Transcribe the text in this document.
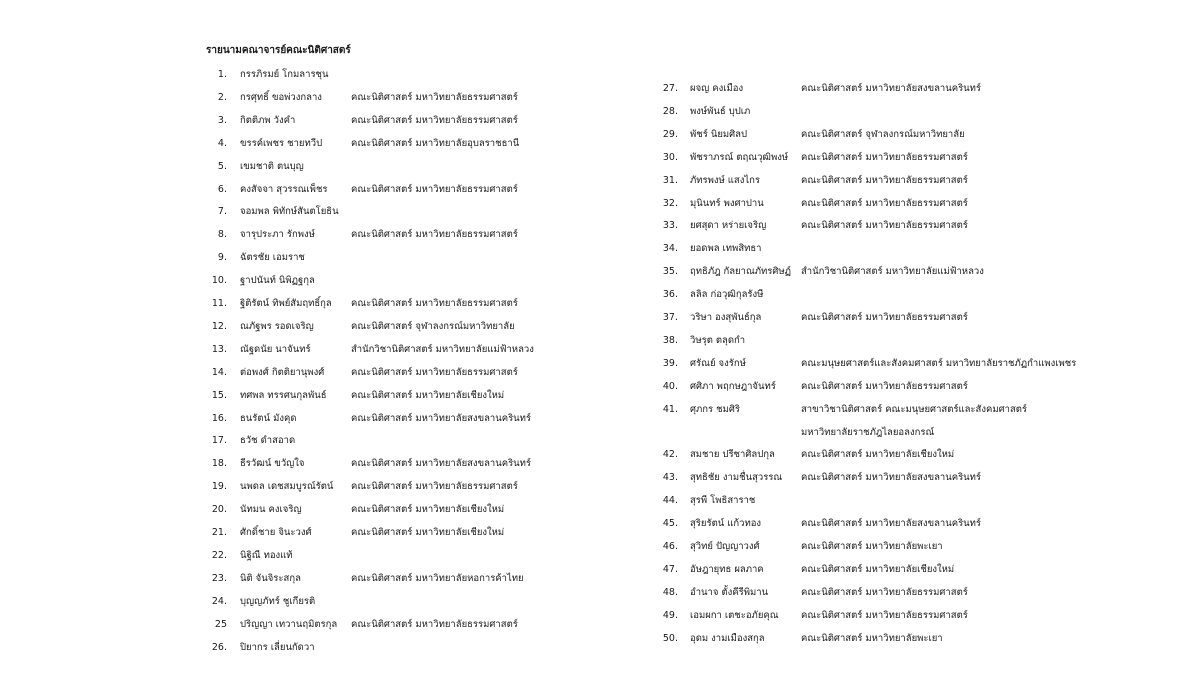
รายนามคณาจารย์คณะนิติศาสตร์
1. กรรภิรมย์ โกมลารชุน
2. กรศุทธิ์ ขอพ่วงกลาง	คณะนิติศาสตร์ มหาวิทยาลัยธรรมศาสตร์
3. กิตติภพ วังคำ	คณะนิติศาสตร์ มหาวิทยาลัยธรรมศาสตร์
4. ขรรค์เพชร ชายทวีป	คณะนิติศาสตร์ มหาวิทยาลัยอุบลราชธานี
5. เขมชาติ ตนบุญ
6. คงสัจจา สุวรรณเพ็ชร คณะนิติศาสตร์ มหาวิทยาลัยธรรมศาสตร์
7. จอมพล พิทักษ์สันตโยธิน
8. จารุประภา รักพงษ์	คณะนิติศาสตร์ มหาวิทยาลัยธรรมศาสตร์
9. ฉัตรชัย เอมราช
10. ฐาปนันท์ นิพิฏฐกุล
11. ฐิติรัตน์ ทิพย์สัมฤทธิ์กุล คณะนิติศาสตร์ มหาวิทยาลัยธรรมศาสตร์
12. ณภัฐพร รอดเจริญ	คณะนิติศาสตร์ จุฬาลงกรณ์มหาวิทยาลัย
13. ณัฐดนัย นาจันทร์	สำนักวิชานิติศาสตร์ มหาวิทยาลัยแม่ฟ้าหลวง
14. ต่อพงศ์ กิตติยานุพงศ์	คณะนิติศาสตร์ มหาวิทยาลัยธรรมศาสตร์
15. ทศพล ทรรศนกุลพันธ์	คณะนิติศาสตร์ มหาวิทยาลัยเชียงใหม่
16. ธนรัตน์ มังคุด	คณะนิติศาสตร์ มหาวิทยาลัยสงขลานครินทร์
17. ธวัช ดำสอาด
18. ธีรวัฒน์ ขวัญใจ	คณะนิติศาสตร์ มหาวิทยาลัยสงขลานครินทร์
19. นพดล เดชสมบูรณ์รัตน์ คณะนิติศาสตร์ มหาวิทยาลัยธรรมศาสตร์
20. นัทมน คงเจริญ	คณะนิติศาสตร์ มหาวิทยาลัยเชียงใหม่
21. ศักดิ์ชาย จินะวงศ์	คณะนิติศาสตร์ มหาวิทยาลัยเชียงใหม่
22. นิฐิณี ทองแท้
23. นิติ จันจิระสกุล	คณะนิติศาสตร์ มหาวิทยาลัยหอการค้าไทย
24. บุญญภัทร์ ชูเกียรติ
25 ปริญญา เทวานฤมิตรกุล คณะนิติศาสตร์ มหาวิทยาลัยธรรมศาสตร์
26. ปิยากร เลี่ยนกัดวา
27. ผจญ คงเมือง	คณะนิติศาสตร์ มหาวิทยาลัยสงขลานครินทร์
28. พงษ์พันธ์ บุปเภ
29. พัชร์ นิยมศิลป	คณะนิติศาสตร์ จุฬาลงกรณ์มหาวิทยาลัย
30. พัชราภรณ์ ตฤณวุฒิพงษ์ คณะนิติศาสตร์ มหาวิทยาลัยธรรมศาสตร์
31. ภัทรพงษ์ แสงไกร	คณะนิติศาสตร์ มหาวิทยาลัยธรรมศาสตร์
32. มุนินทร์ พงศาปาน	คณะนิติศาสตร์ มหาวิทยาลัยธรรมศาสตร์
33. ยศสุดา หร่ายเจริญ	คณะนิติศาสตร์ มหาวิทยาลัยธรรมศาสตร์
34. ยอดพล เทพสิทธา
35. ฤทธิภัฎ กัลยาณภัทรศิษฏ์ สำนักวิชานิติศาสตร์ มหาวิทยาลัยแม่ฟ้าหลวง
36. ลลิล ก่อวุฒิกุลรังษี
37. วริษา องสุพันธ์กุล	คณะนิติศาสตร์ มหาวิทยาลัยธรรมศาสตร์
38. วิษรุต ตลุดกำ
39. ศรัณย์ จงรักษ์	คณะมนุษยศาสตร์และสังคมศาสตร์ มหาวิทยาลัยราชภัฏกำแพงเพชร
40. ศศิภา พฤกษฎาจันทร์	คณะนิติศาสตร์ มหาวิทยาลัยธรรมศาสตร์
41. ศุภกร ชมศิริ	สาขาวิชานิติศาสตร์ คณะมนุษยศาสตร์และสังคมศาสตร์
มหาวิทยาลัยราชภัฎไลยอลงกรณ์
42. สมชาย ปรีชาศิลปกุล	คณะนิติศาสตร์ มหาวิทยาลัยเชียงใหม่
43. สุทธิชัย งามชื่นสุวรรณ คณะนิติศาสตร์ มหาวิทยาลัยสงขลานครินทร์
44. สุรพี โพธิสาราช
45. สุริยรัตน์ แก้วทอง	คณะนิติศาสตร์ มหาวิทยาลัยสงขลานครินทร์
46. สุวิทย์ ปัญญาวงศ์	คณะนิติศาสตร์ มหาวิทยาลัยพะเยา
47. อัษฎายุทธ ผลภาค	คณะนิติศาสตร์ มหาวิทยาลัยเชียงใหม่
48. อำนาจ ตั้งคีรีพิมาน	คณะนิติศาสตร์ มหาวิทยาลัยธรรมศาสตร์
49. เอมผกา เตชะอภัยคุณ คณะนิติศาสตร์ มหาวิทยาลัยธรรมศาสตร์
50. อุดม งามเมืองสกุล	คณะนิติศาสตร์ มหาวิทยาลัยพะเยา
